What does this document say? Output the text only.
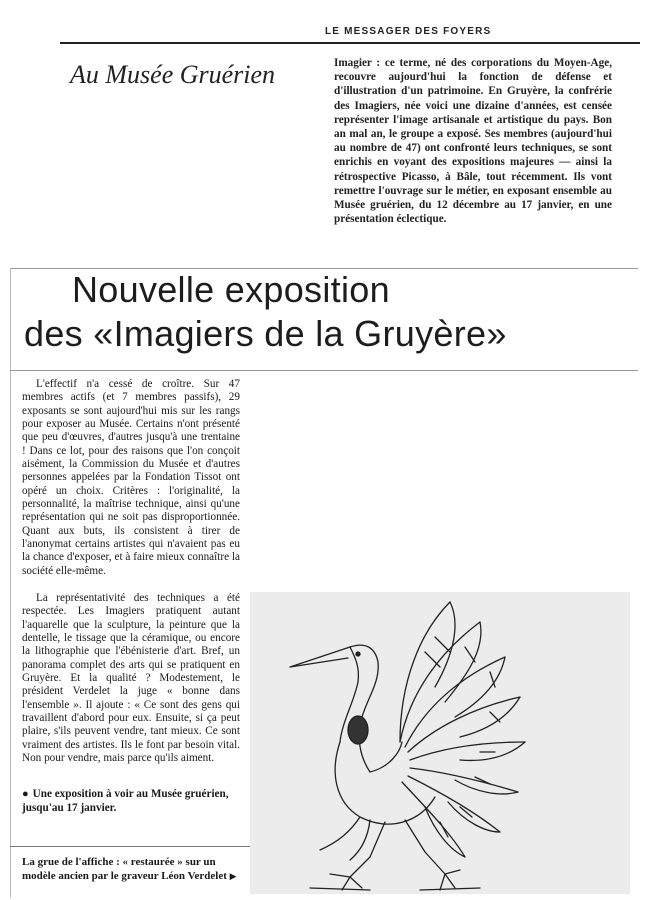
LE MESSAGER DES FOYERS
Au Musée Gruérien	Imagier : ce terme, né des corporations du Moyen-Age, recouvre aujourd'hui la fonction de défense et d'illustration d'un patrimoine. En Gruyère, la confrérie des Imagiers, née voici une dizaine d'années, est censée représenter l'image artisanale et artistique du pays. Bon an mal an, le groupe a exposé. Ses membres (aujourd'hui au nombre de 47) ont confronté leurs techniques, se sont enrichis en voyant des expositions majeures — ainsi la rétrospective Picasso, à Bâle, tout récemment. Ils vont remettre l'ouvrage sur le métier, en exposant ensemble au Musée gruérien, du 12 décembre au 17 janvier, en une présentation éclectique.
Nouvelle exposition
des «Imagiers de la Gruyère»

L'effectif n'a cessé de croître. Sur 47 membres actifs (et 7 membres passifs), 29 exposants se sont aujourd'hui mis sur les rangs pour exposer au Musée. Certains n'ont présenté que peu d'œuvres, d'autres jusqu'à une trentaine ! Dans ce lot, pour des raisons que l'on conçoit aisément, la Commission du Musée et d'autres personnes appelées par la Fondation Tissot ont opéré un choix. Critères : l'originalité, la personnalité, la maîtrise technique, ainsi qu'une représentation qui ne soit pas disproportionnée. Quant aux buts, ils consistent à tirer de l'anonymat certains artistes qui n'avaient pas eu la chance d'exposer, et à faire mieux connaître la société elle-même.

La représentativité des techniques a été respectée. Les Imagiers pratiquent autant l'aquarelle que la sculpture, la peinture que la dentelle, le tissage que la céramique, ou encore la lithographie que l'ébénisterie d'art. Bref, un panorama complet des arts qui se pratiquent en Gruyère. Et la qualité ? Modestement, le président Verdelet la juge « bonne dans l'ensemble ». Il ajoute : « Ce sont des gens qui travaillent d'abord pour eux. Ensuite, si ça peut plaire, s'ils peuvent vendre, tant mieux. Ce sont vraiment des artistes. Ils le font par besoin vital. Non pour vendre, mais parce qu'ils aiment.

● Une exposition à voir au Musée gruérien, jusqu'au 17 janvier.
La grue de l'affiche : « restaurée » sur un modèle ancien par le graveur Léon Verdelet ▶
